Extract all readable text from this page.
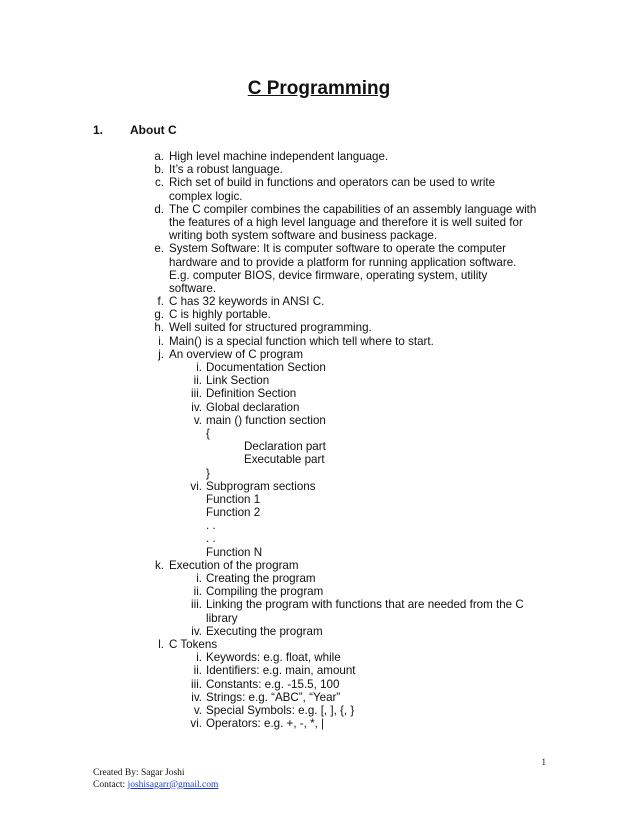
C Programming
1. About C
a. High level machine independent language.
b. It’s a robust language.
c. Rich set of build in functions and operators can be used to write
complex logic.
d. The C compiler combines the capabilities of an assembly language with
the features of a high level language and therefore it is well suited for
writing both system software and business package.
e. System Software: It is computer software to operate the computer
hardware and to provide a platform for running application software.
E.g. computer BIOS, device firmware, operating system, utility
software.
f. C has 32 keywords in ANSI C.
g. C is highly portable.
h. Well suited for structured programming.
i. Main() is a special function which tell where to start.
j. An overview of C program
i. Documentation Section
ii. Link Section
iii. Definition Section
iv. Global declaration
v. main () function section
{
Declaration part
Executable part
}
vi. Subprogram sections
Function 1
Function 2
. .
. .
Function N
k. Execution of the program
i. Creating the program
ii. Compiling the program
iii. Linking the program with functions that are needed from the C
library
iv. Executing the program
l. C Tokens
i. Keywords: e.g. float, while
ii. Identifiers: e.g. main, amount
iii. Constants: e.g. -15.5, 100
iv. Strings: e.g. “ABC”, “Year”
v. Special Symbols: e.g. [, ], {, }
vi. Operators: e.g. +, -, *, |
1
Created By: Sagar Joshi
Contact: joshisagarr@gmail.com
